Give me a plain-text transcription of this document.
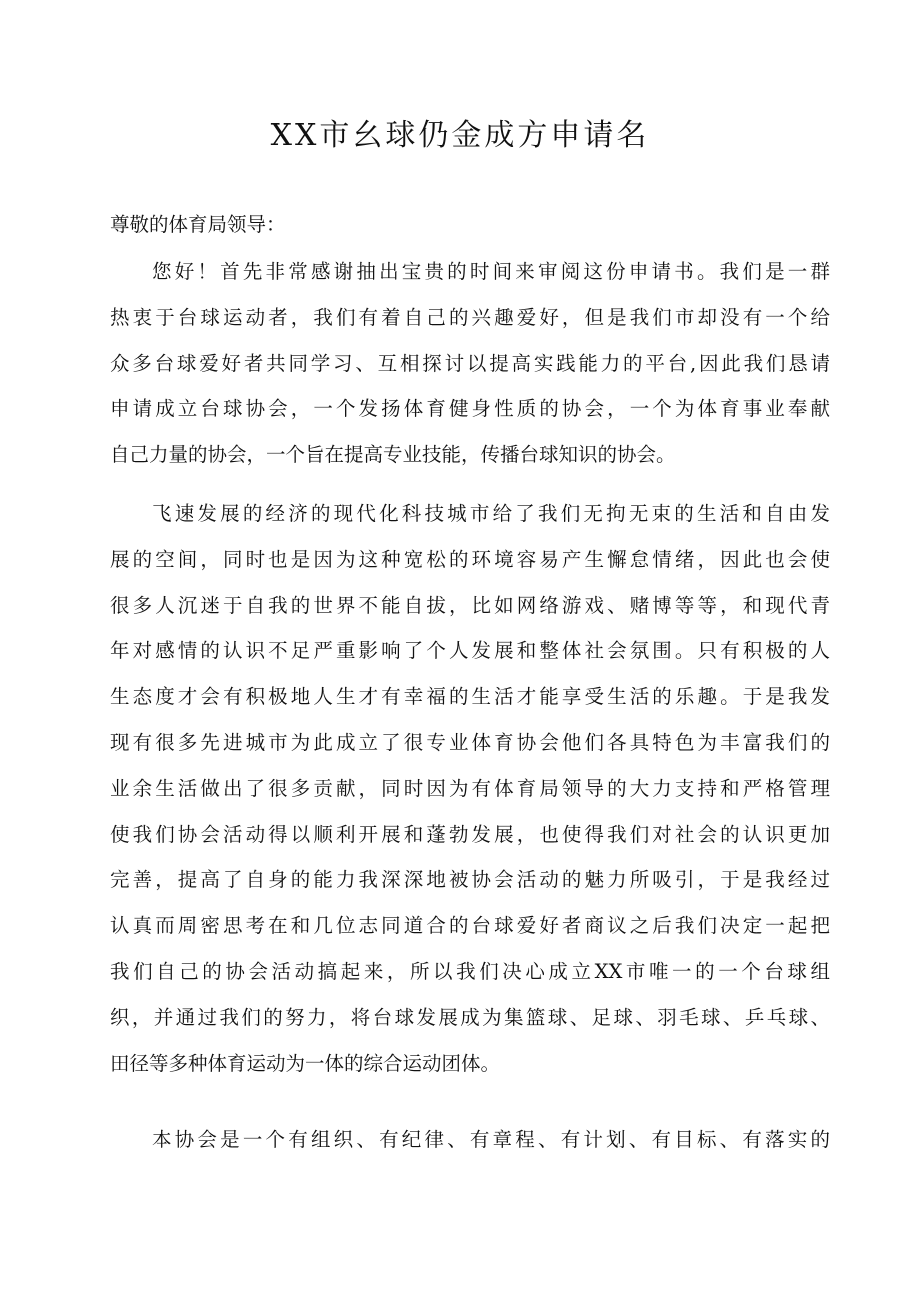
XX市幺球仍金成方申请名
尊敬的体育局领导：
您好！首先非常感谢抽出宝贵的时间来审阅这份申请书。我们是一群
热衷于台球运动者，我们有着自己的兴趣爱好，但是我们市却没有一个给
众多台球爱好者共同学习、互相探讨以提高实践能力的平台,因此我们恳请
申请成立台球协会，一个发扬体育健身性质的协会，一个为体育事业奉献
自己力量的协会，一个旨在提高专业技能，传播台球知识的协会。
飞速发展的经济的现代化科技城市给了我们无拘无束的生活和自由发
展的空间，同时也是因为这种宽松的环境容易产生懈怠情绪，因此也会使
很多人沉迷于自我的世界不能自拔，比如网络游戏、赌博等等，和现代青
年对感情的认识不足严重影响了个人发展和整体社会氛围。只有积极的人
生态度才会有积极地人生才有幸福的生活才能享受生活的乐趣。于是我发
现有很多先进城市为此成立了很专业体育协会他们各具特色为丰富我们的
业余生活做出了很多贡献，同时因为有体育局领导的大力支持和严格管理
使我们协会活动得以顺利开展和蓬勃发展，也使得我们对社会的认识更加
完善，提高了自身的能力我深深地被协会活动的魅力所吸引，于是我经过
认真而周密思考在和几位志同道合的台球爱好者商议之后我们决定一起把
我们自己的协会活动搞起来，所以我们决心成立XX市唯一的一个台球组
织，并通过我们的努力，将台球发展成为集篮球、足球、羽毛球、乒乓球、
田径等多种体育运动为一体的综合运动团体。
本协会是一个有组织、有纪律、有章程、有计划、有目标、有落实的
